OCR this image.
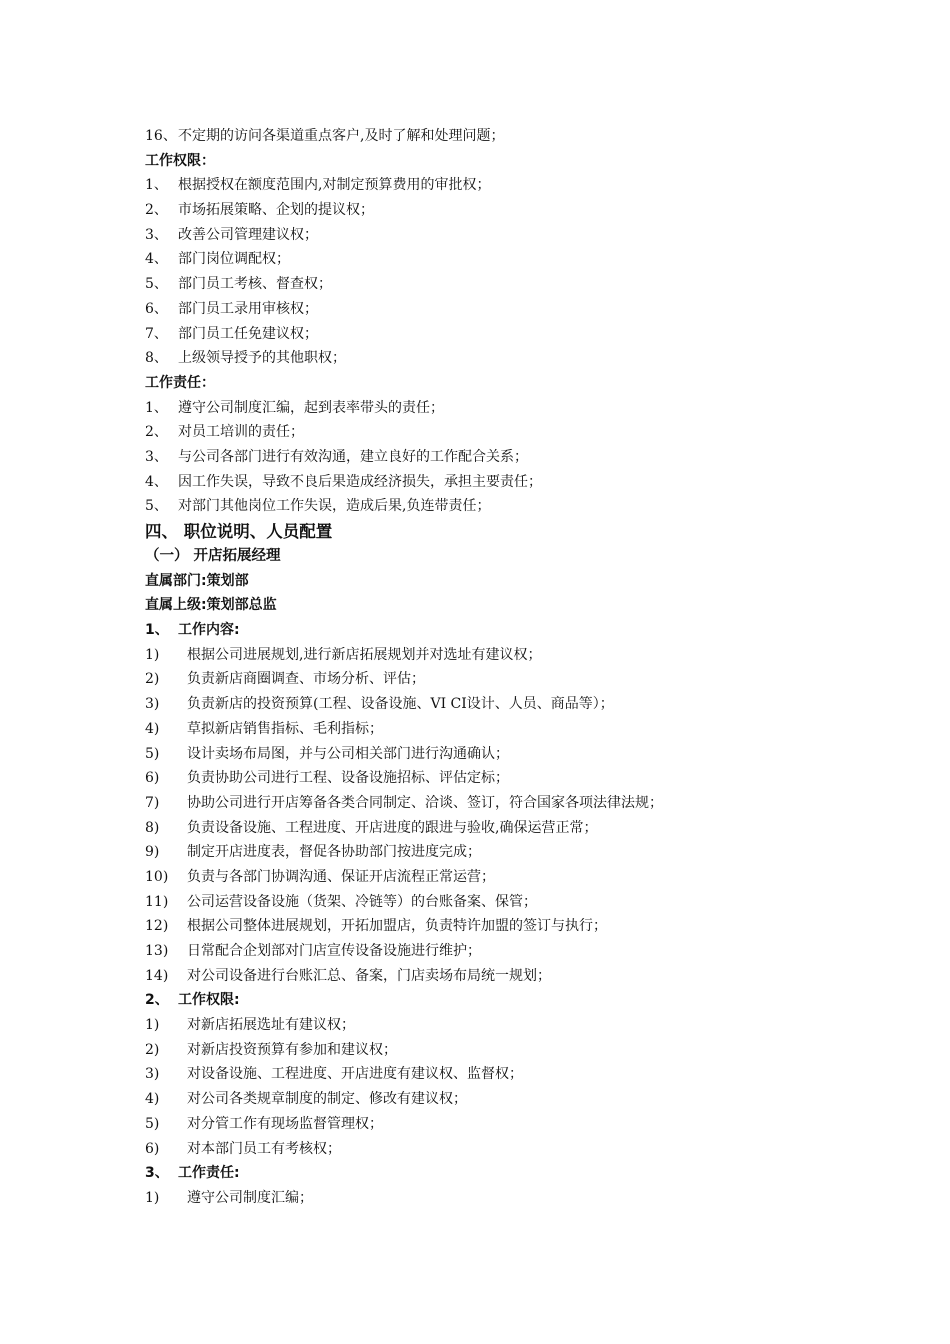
16、不定期的访问各渠道重点客户,及时了解和处理问题；
工作权限：
1、 根据授权在额度范围内,对制定预算费用的审批权；
2、 市场拓展策略、企划的提议权；
3、 改善公司管理建议权；
4、 部门岗位调配权；
5、 部门员工考核、督查权；
6、 部门员工录用审核权；
7、 部门员工任免建议权；
8、 上级领导授予的其他职权；
工作责任：
1、 遵守公司制度汇编，起到表率带头的责任；
2、 对员工培训的责任；
3、 与公司各部门进行有效沟通，建立良好的工作配合关系；
4、 因工作失误，导致不良后果造成经济损失，承担主要责任；
5、 对部门其他岗位工作失误，造成后果,负连带责任；
四、 职位说明、人员配置
（一） 开店拓展经理
直属部门:策划部
直属上级:策划部总监
1、 工作内容:
1) 根据公司进展规划,进行新店拓展规划并对选址有建议权；
2) 负责新店商圈调查、市场分析、评估；
3) 负责新店的投资预算(工程、设备设施、VI CI设计、人员、商品等）；
4) 草拟新店销售指标、毛利指标；
5) 设计卖场布局图，并与公司相关部门进行沟通确认；
6) 负责协助公司进行工程、设备设施招标、评估定标；
7) 协助公司进行开店筹备各类合同制定、洽谈、签订，符合国家各项法律法规；
8) 负责设备设施、工程进度、开店进度的跟进与验收,确保运营正常；
9) 制定开店进度表，督促各协助部门按进度完成；
10) 负责与各部门协调沟通、保证开店流程正常运营；
11) 公司运营设备设施（货架、冷链等）的台账备案、保管；
12) 根据公司整体进展规划，开拓加盟店，负责特许加盟的签订与执行；
13) 日常配合企划部对门店宣传设备设施进行维护；
14) 对公司设备进行台账汇总、备案，门店卖场布局统一规划；
2、 工作权限:
1) 对新店拓展选址有建议权；
2) 对新店投资预算有参加和建议权；
3) 对设备设施、工程进度、开店进度有建议权、监督权；
4) 对公司各类规章制度的制定、修改有建议权；
5) 对分管工作有现场监督管理权；
6) 对本部门员工有考核权；
3、 工作责任:
1) 遵守公司制度汇编；
